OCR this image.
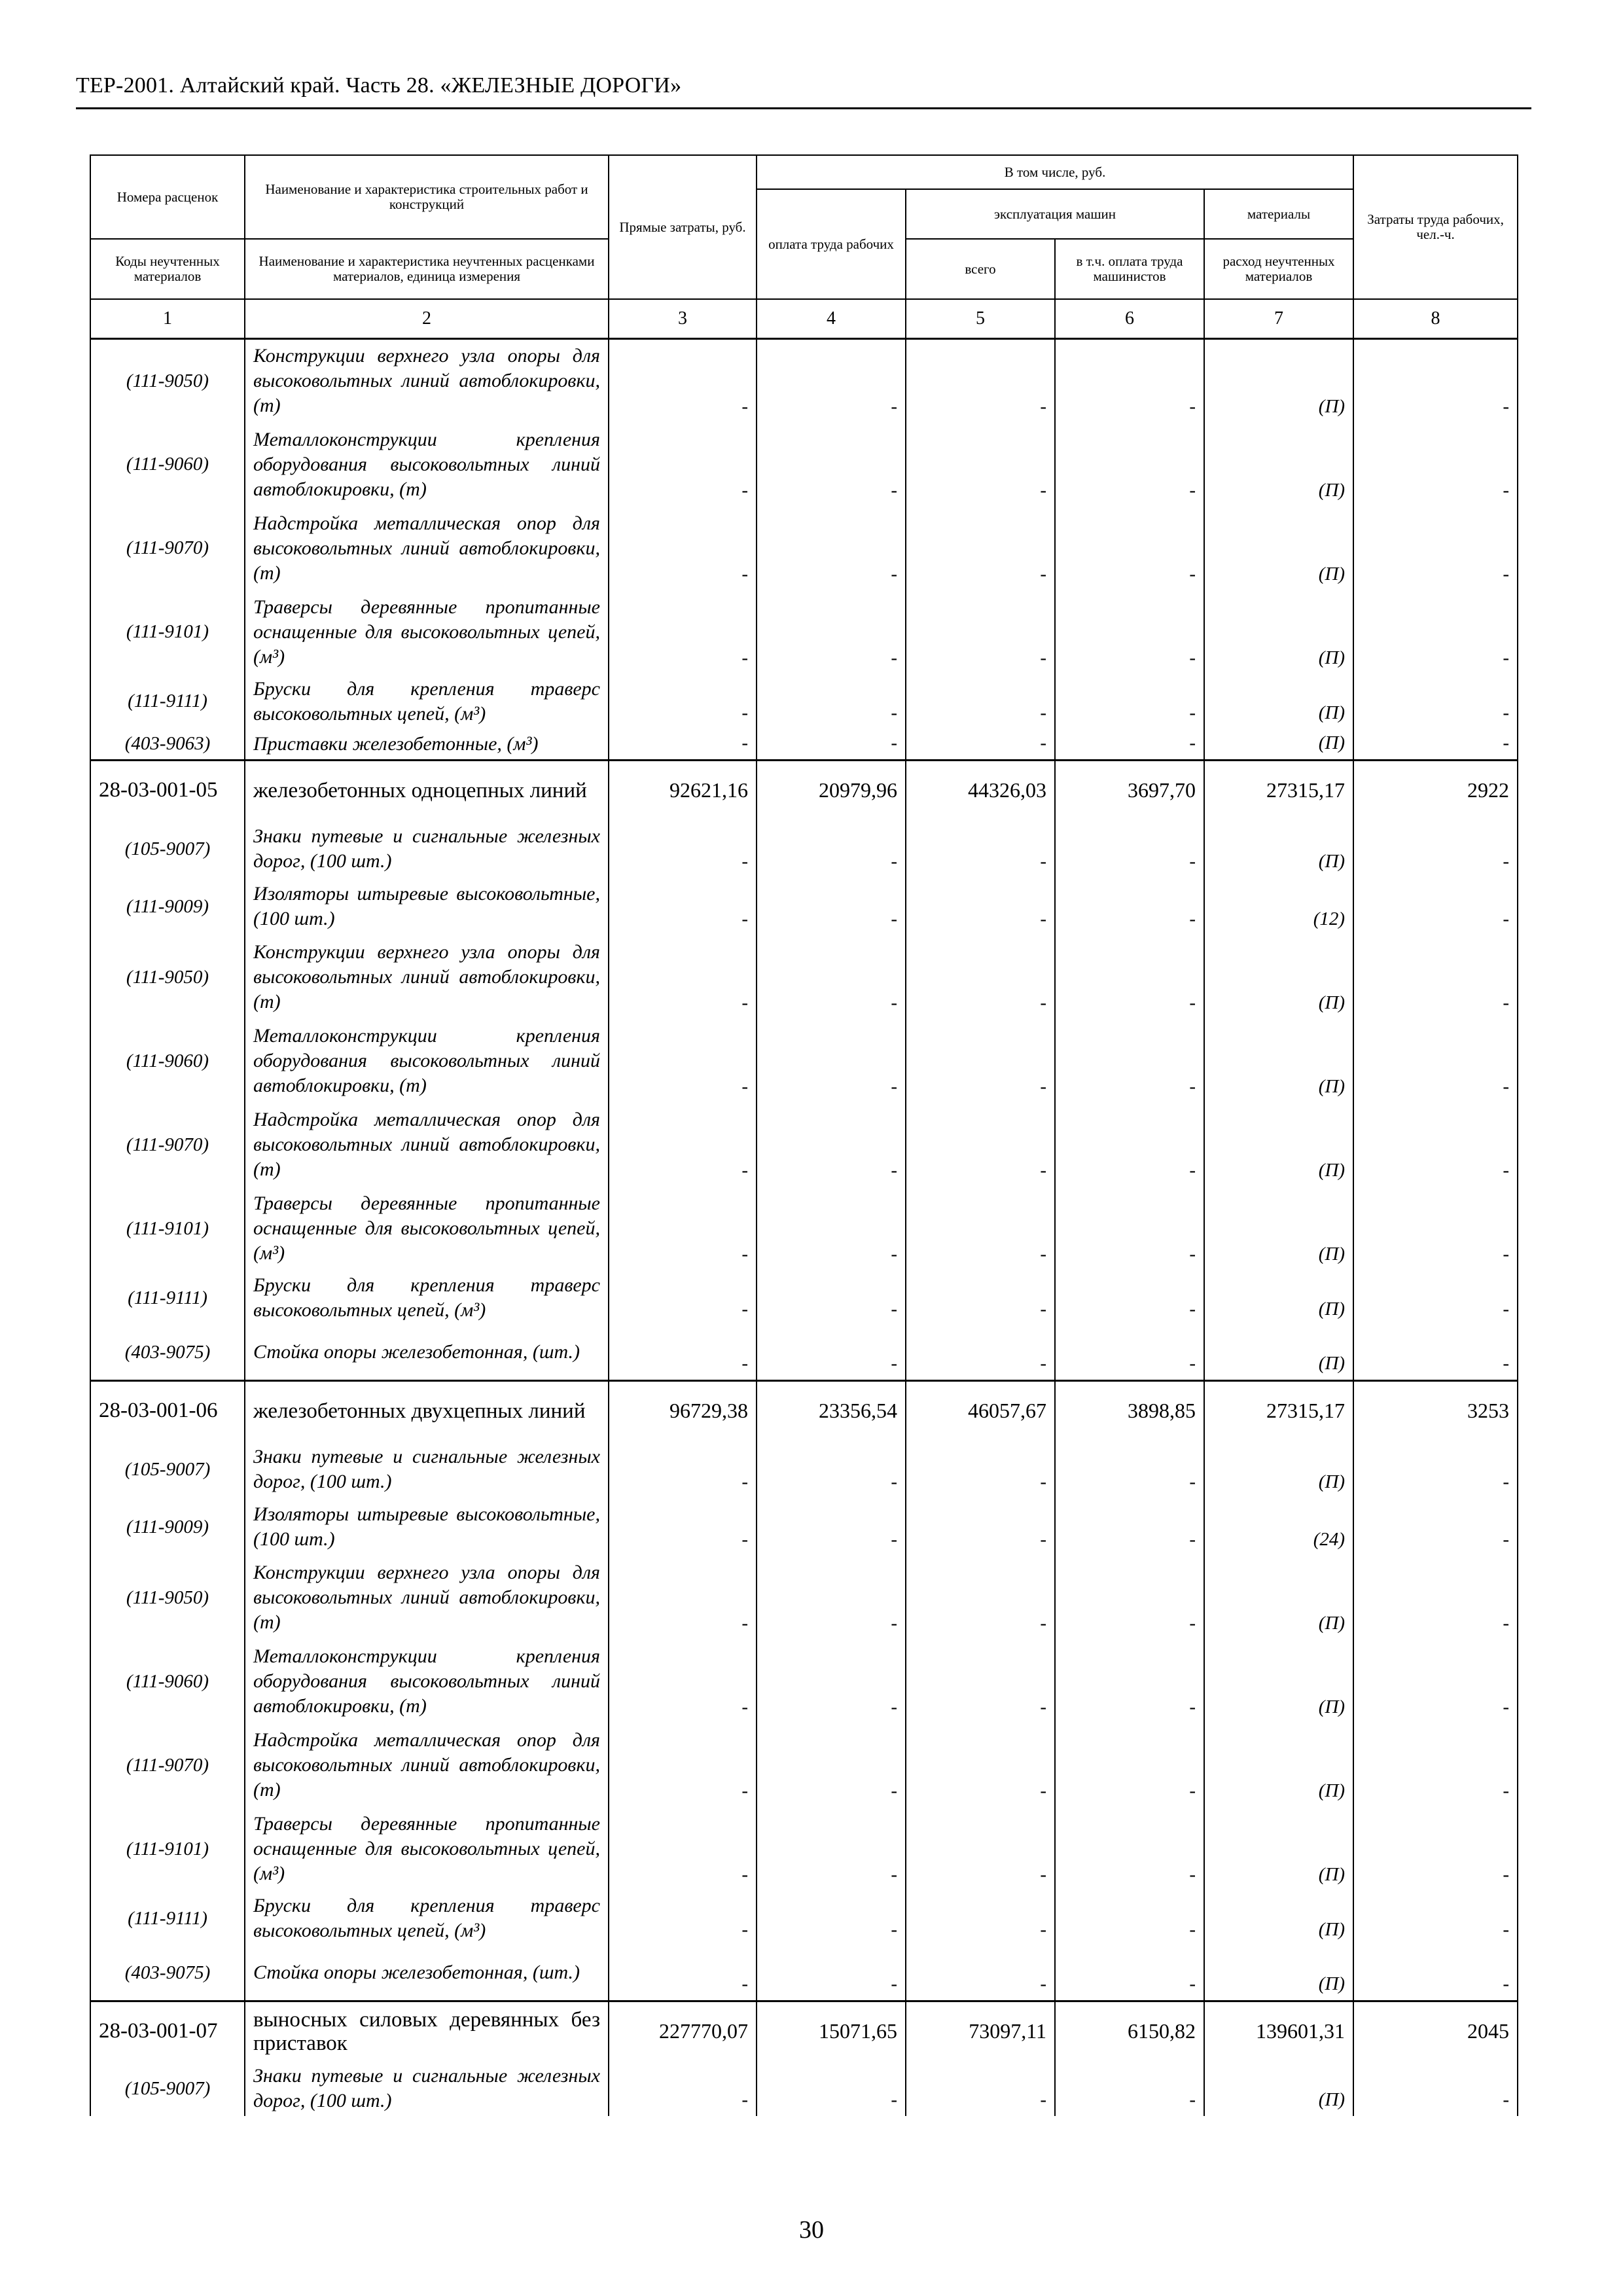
ТЕР-2001. Алтайский край. Часть 28. «ЖЕЛЕЗНЫЕ ДОРОГИ»
Номера расценок	Наименование и характеристика строительных работ и конструкций	Прямые затраты, руб.	В том числе, руб.				Затраты труда рабочих, чел.-ч.
			оплата труда рабочих	эксплуатация машин		материалы	
Коды неучтенных материалов	Наименование и характеристика неучтенных расценками материалов, единица измерения			всего	в т.ч. оплата труда машинистов	расход неучтенных материалов	
1	2	3	4	5	6	7	8
(111-9050)	Конструкции верхнего узла опоры для высоковольтных линий автоблокировки, (т)	-	-	-	-	(П)	-
(111-9060)	Металлоконструкции крепления оборудования высоковольтных линий автоблокировки, (т)	-	-	-	-	(П)	-
(111-9070)	Надстройка металлическая опор для высоковольтных линий автоблокировки, (т)	-	-	-	-	(П)	-
(111-9101)	Траверсы деревянные пропитанные оснащенные для высоковольтных цепей, (м³)	-	-	-	-	(П)	-
(111-9111)	Бруски для крепления траверс высоковольтных цепей, (м³)	-	-	-	-	(П)	-
(403-9063)	Приставки железобетонные, (м³)	-	-	-	-	(П)	-
28-03-001-05	железобетонных одноцепных линий	92621,16	20979,96	44326,03	3697,70	27315,17	2922
(105-9007)	Знаки путевые и сигнальные железных дорог, (100 шт.)	-	-	-	-	(П)	-
(111-9009)	Изоляторы штыревые высоковольтные, (100 шт.)	-	-	-	-	(12)	-
(111-9050)	Конструкции верхнего узла опоры для высоковольтных линий автоблокировки, (т)	-	-	-	-	(П)	-
(111-9060)	Металлоконструкции крепления оборудования высоковольтных линий автоблокировки, (т)	-	-	-	-	(П)	-
(111-9070)	Надстройка металлическая опор для высоковольтных линий автоблокировки, (т)	-	-	-	-	(П)	-
(111-9101)	Траверсы деревянные пропитанные оснащенные для высоковольтных цепей, (м³)	-	-	-	-	(П)	-
(111-9111)	Бруски для крепления траверс высоковольтных цепей, (м³)	-	-	-	-	(П)	-
(403-9075)	Стойка опоры железобетонная, (шт.)	-	-	-	-	(П)	-
28-03-001-06	железобетонных двухцепных линий	96729,38	23356,54	46057,67	3898,85	27315,17	3253
(105-9007)	Знаки путевые и сигнальные железных дорог, (100 шт.)	-	-	-	-	(П)	-
(111-9009)	Изоляторы штыревые высоковольтные, (100 шт.)	-	-	-	-	(24)	-
(111-9050)	Конструкции верхнего узла опоры для высоковольтных линий автоблокировки, (т)	-	-	-	-	(П)	-
(111-9060)	Металлоконструкции крепления оборудования высоковольтных линий автоблокировки, (т)	-	-	-	-	(П)	-
(111-9070)	Надстройка металлическая опор для высоковольтных линий автоблокировки, (т)	-	-	-	-	(П)	-
(111-9101)	Траверсы деревянные пропитанные оснащенные для высоковольтных цепей, (м³)	-	-	-	-	(П)	-
(111-9111)	Бруски для крепления траверс высоковольтных цепей, (м³)	-	-	-	-	(П)	-
(403-9075)	Стойка опоры железобетонная, (шт.)	-	-	-	-	(П)	-
28-03-001-07	выносных силовых деревянных без приставок	227770,07	15071,65	73097,11	6150,82	139601,31	2045
(105-9007)	Знаки путевые и сигнальные железных дорог, (100 шт.)	-	-	-	-	(П)	-
30
